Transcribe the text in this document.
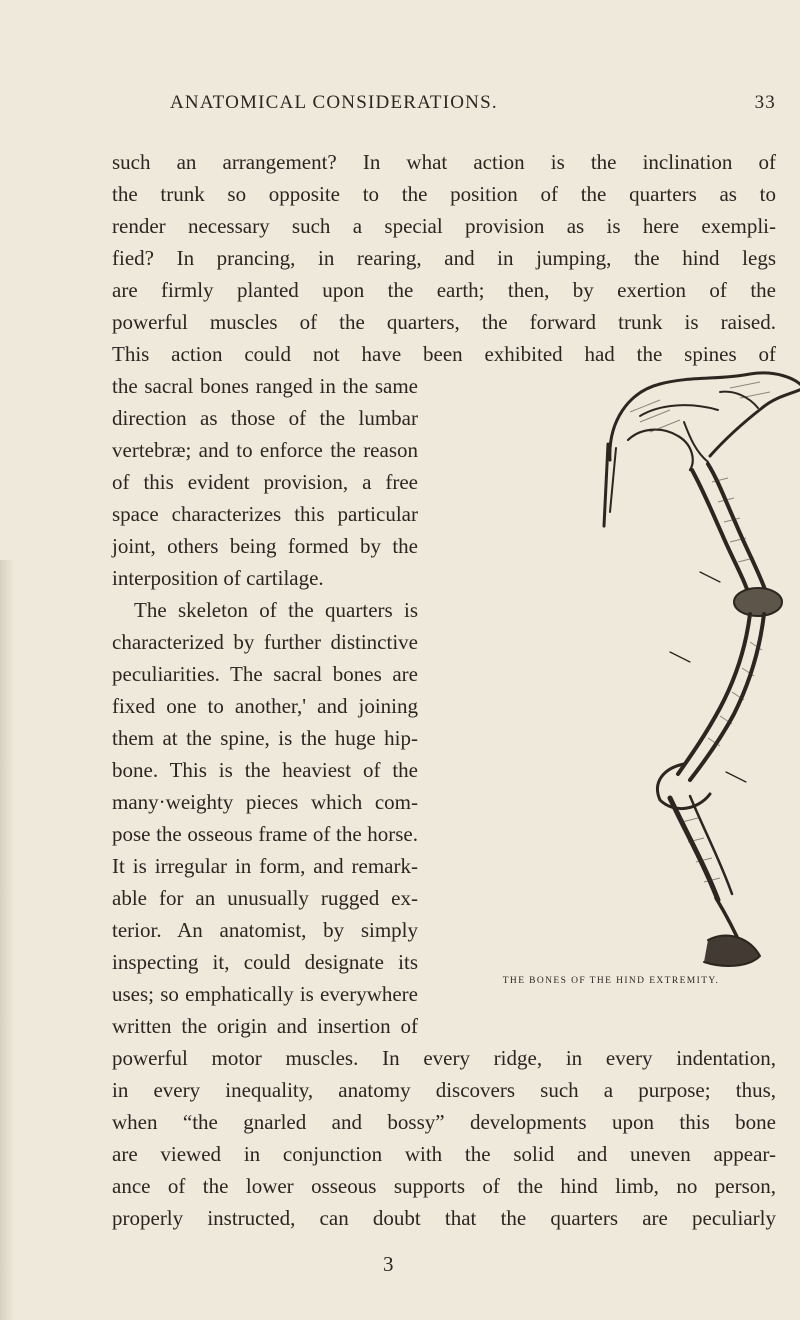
ANATOMICAL CONSIDERATIONS.	33
such an arrangement? In what action is the inclination of
the trunk so opposite to the position of the quarters as to
render necessary such a special provision as is here exempli-
fied? In prancing, in rearing, and in jumping, the hind legs
are firmly planted upon the earth; then, by exertion of the
powerful muscles of the quarters, the forward trunk is raised.
This action could not have been exhibited had the spines of
the sacral bones ranged in the same
direction as those of the lumbar
vertebræ; and to enforce the reason
of this evident provision, a free
space characterizes this particular
joint, others being formed by the
interposition of cartilage.
The skeleton of the quarters is
characterized by further distinctive
peculiarities. The sacral bones are
fixed one to another,' and joining
them at the spine, is the huge hip-
bone. This is the heaviest of the
many·weighty pieces which com-
pose the osseous frame of the horse.
It is irregular in form, and remark-
able for an unusually rugged ex-
terior. An anatomist, by simply
inspecting it, could designate its
uses; so emphatically is everywhere
written the origin and insertion of
powerful motor muscles. In every ridge, in every indentation,
in every inequality, anatomy discovers such a purpose; thus,
when “the gnarled and bossy” developments upon this bone
are viewed in conjunction with the solid and uneven appear-
ance of the lower osseous supports of the hind limb, no person,
properly instructed, can doubt that the quarters are peculiarly
THE BONES OF THE HIND EXTREMITY.
3
